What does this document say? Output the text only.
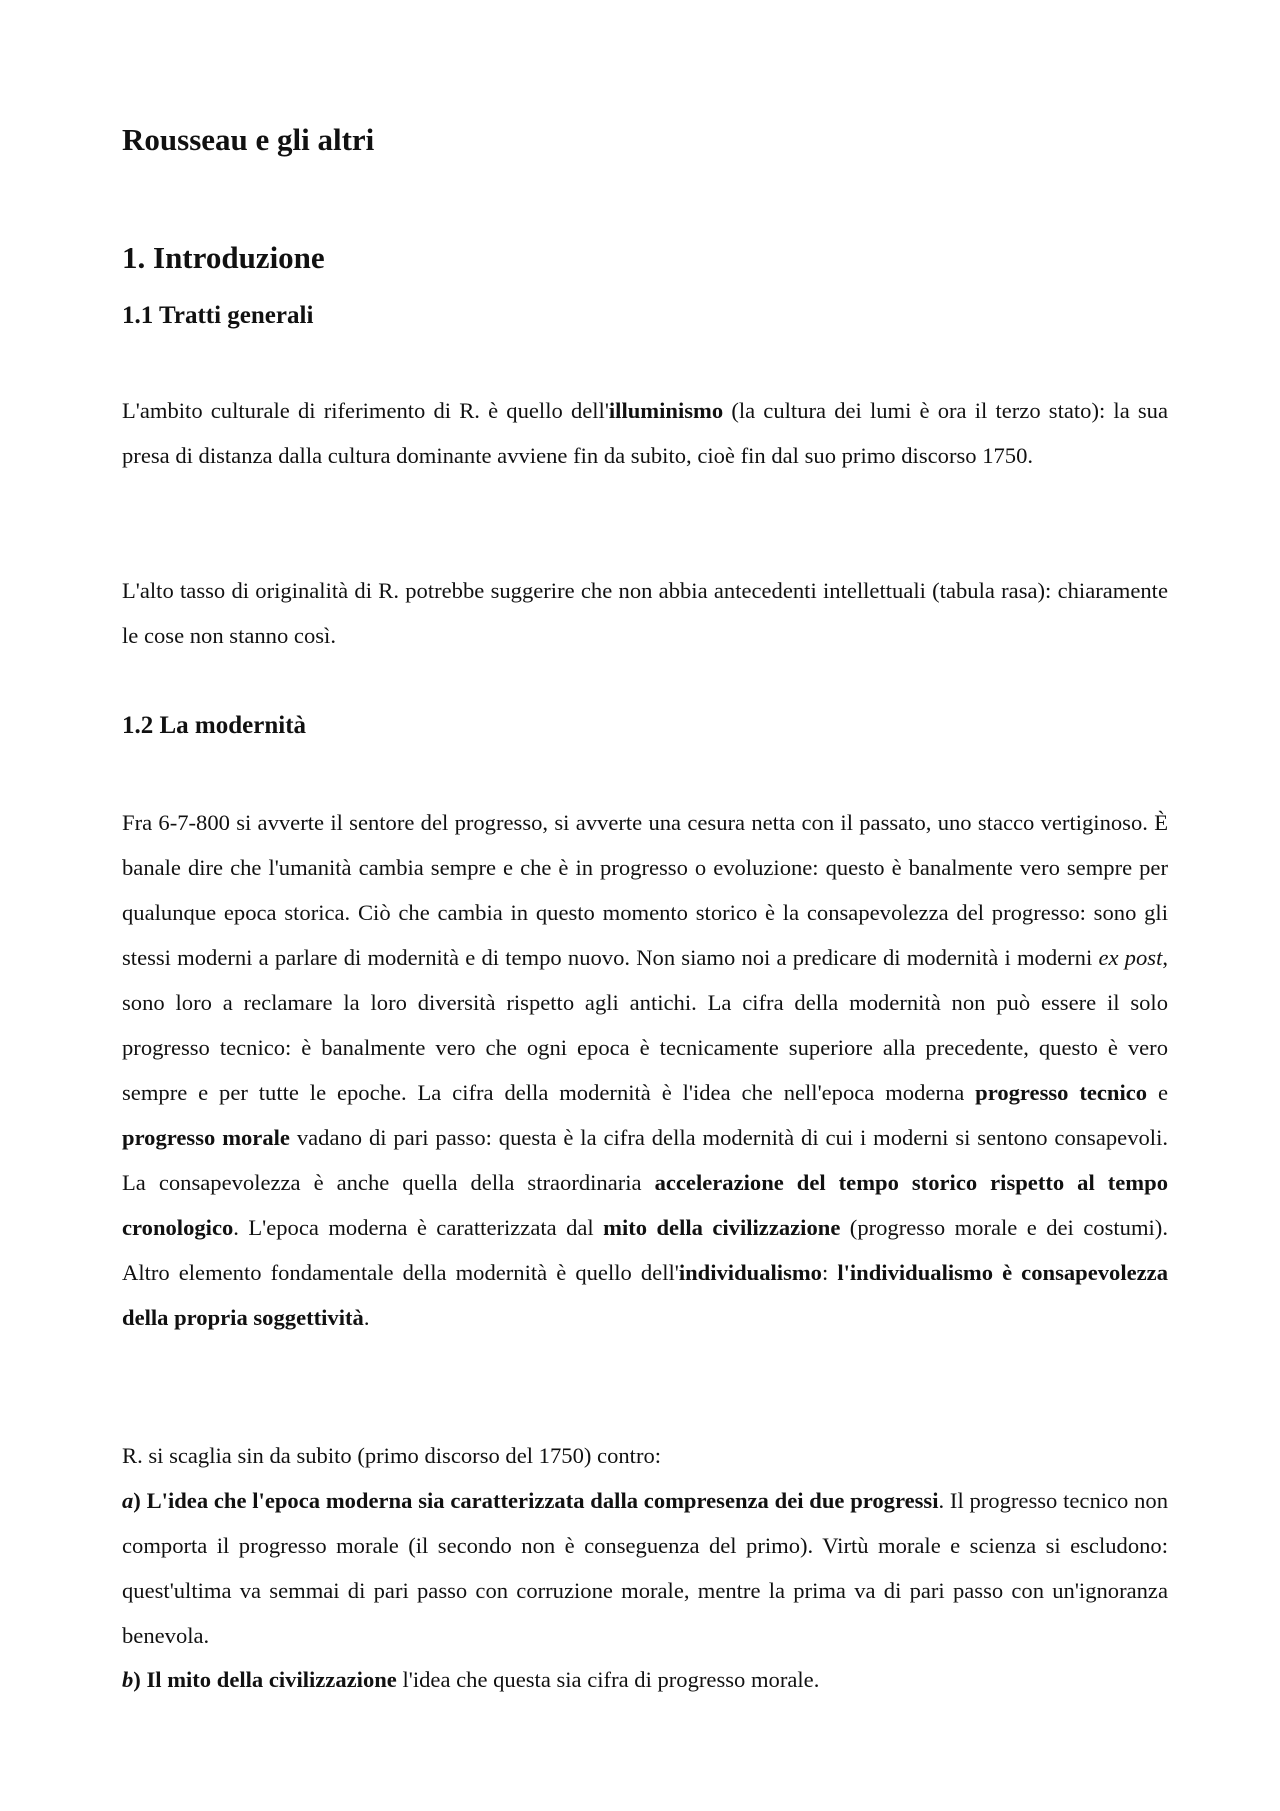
Rousseau e gli altri
1. Introduzione
1.1 Tratti generali

L'ambito culturale di riferimento di R. è quello dell'illuminismo (la cultura dei lumi è ora il terzo stato): la sua presa di distanza dalla cultura dominante avviene fin da subito, cioè fin dal suo primo discorso 1750.

L'alto tasso di originalità di R. potrebbe suggerire che non abbia antecedenti intellettuali (tabula rasa): chiaramente le cose non stanno così.

1.2 La modernità

Fra 6-7-800 si avverte il sentore del progresso, si avverte una cesura netta con il passato, uno stacco vertiginoso. È banale dire che l'umanità cambia sempre e che è in progresso o evoluzione: questo è banalmente vero sempre per qualunque epoca storica. Ciò che cambia in questo momento storico è la consapevolezza del progresso: sono gli stessi moderni a parlare di modernità e di tempo nuovo. Non siamo noi a predicare di modernità i moderni ex post, sono loro a reclamare la loro diversità rispetto agli antichi. La cifra della modernità non può essere il solo progresso tecnico: è banalmente vero che ogni epoca è tecnicamente superiore alla precedente, questo è vero sempre e per tutte le epoche. La cifra della modernità è l'idea che nell'epoca moderna progresso tecnico e progresso morale vadano di pari passo: questa è la cifra della modernità di cui i moderni si sentono consapevoli. La consapevolezza è anche quella della straordinaria accelerazione del tempo storico rispetto al tempo cronologico. L'epoca moderna è caratterizzata dal mito della civilizzazione (progresso morale e dei costumi). Altro elemento fondamentale della modernità è quello dell'individualismo: l'individualismo è consapevolezza della propria soggettività.

R. si scaglia sin da subito (primo discorso del 1750) contro:

a) L'idea che l'epoca moderna sia caratterizzata dalla compresenza dei due progressi. Il progresso tecnico non comporta il progresso morale (il secondo non è conseguenza del primo). Virtù morale e scienza si escludono: quest'ultima va semmai di pari passo con corruzione morale, mentre la prima va di pari passo con un'ignoranza benevola.

b) Il mito della civilizzazione l'idea che questa sia cifra di progresso morale.
